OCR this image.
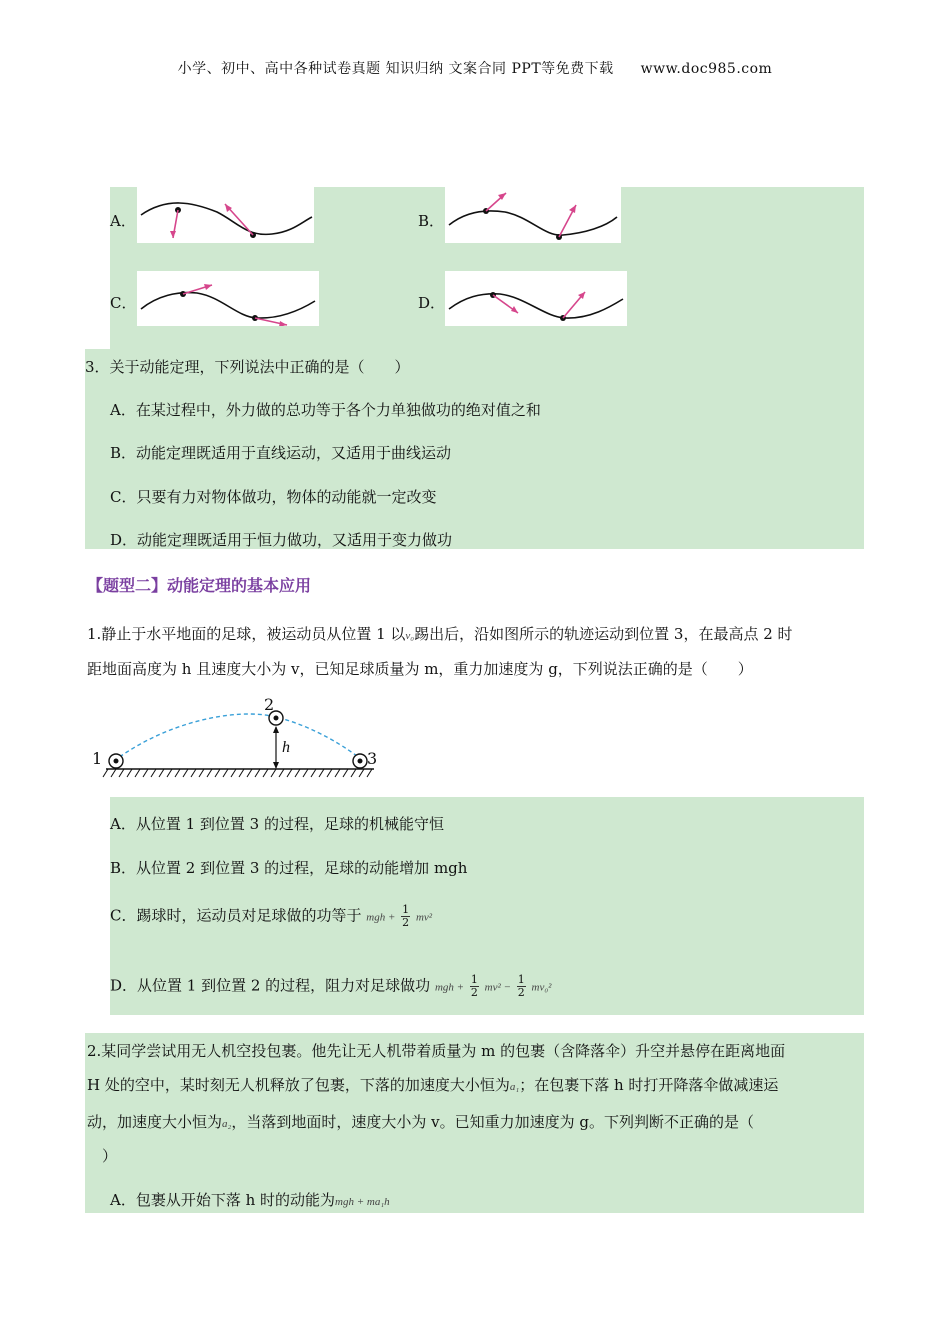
小学、初中、高中各种试卷真题 知识归纳 文案合同 PPT等免费下载 www.doc985.com
A．	B．
C．	D．
3．关于动能定理，下列说法中正确的是（　　）
A．在某过程中，外力做的总功等于各个力单独做功的绝对值之和
B．动能定理既适用于直线运动，又适用于曲线运动
C．只要有力对物体做功，物体的动能就一定改变
D．动能定理既适用于恒力做功，又适用于变力做功
【题型二】动能定理的基本应用
1.静止于水平地面的足球，被运动员从位置 1 以v₀踢出后，沿如图所示的轨迹运动到位置 3，在最高点 2 时
距地面高度为 h 且速度大小为 v，已知足球质量为 m，重力加速度为 g，下列说法正确的是（　　）
1
2
3
h
A．从位置 1 到位置 3 的过程，足球的机械能守恒
B．从位置 2 到位置 3 的过程，足球的动能增加 mgh
C．踢球时，运动员对足球做的功等于 mgh + $\frac{1}{2} mv^2$
D．从位置 1 到位置 2 的过程，阻力对足球做功 mgh + $\frac{1}{2} mv^2 - \frac{1}{2} mv_0^2$
2.某同学尝试用无人机空投包裹。他先让无人机带着质量为 m 的包裹（含降落伞）升空并悬停在距离地面
H 处的空中，某时刻无人机释放了包裹，下落的加速度大小恒为a₁；在包裹下落 h 时打开降落伞做减速运
动，加速度大小恒为a₂，当落到地面时，速度大小为 v。已知重力加速度为 g。下列判断不正确的是（
　）
A．包裹从开始下落 h 时的动能为mgh + ma₁h
